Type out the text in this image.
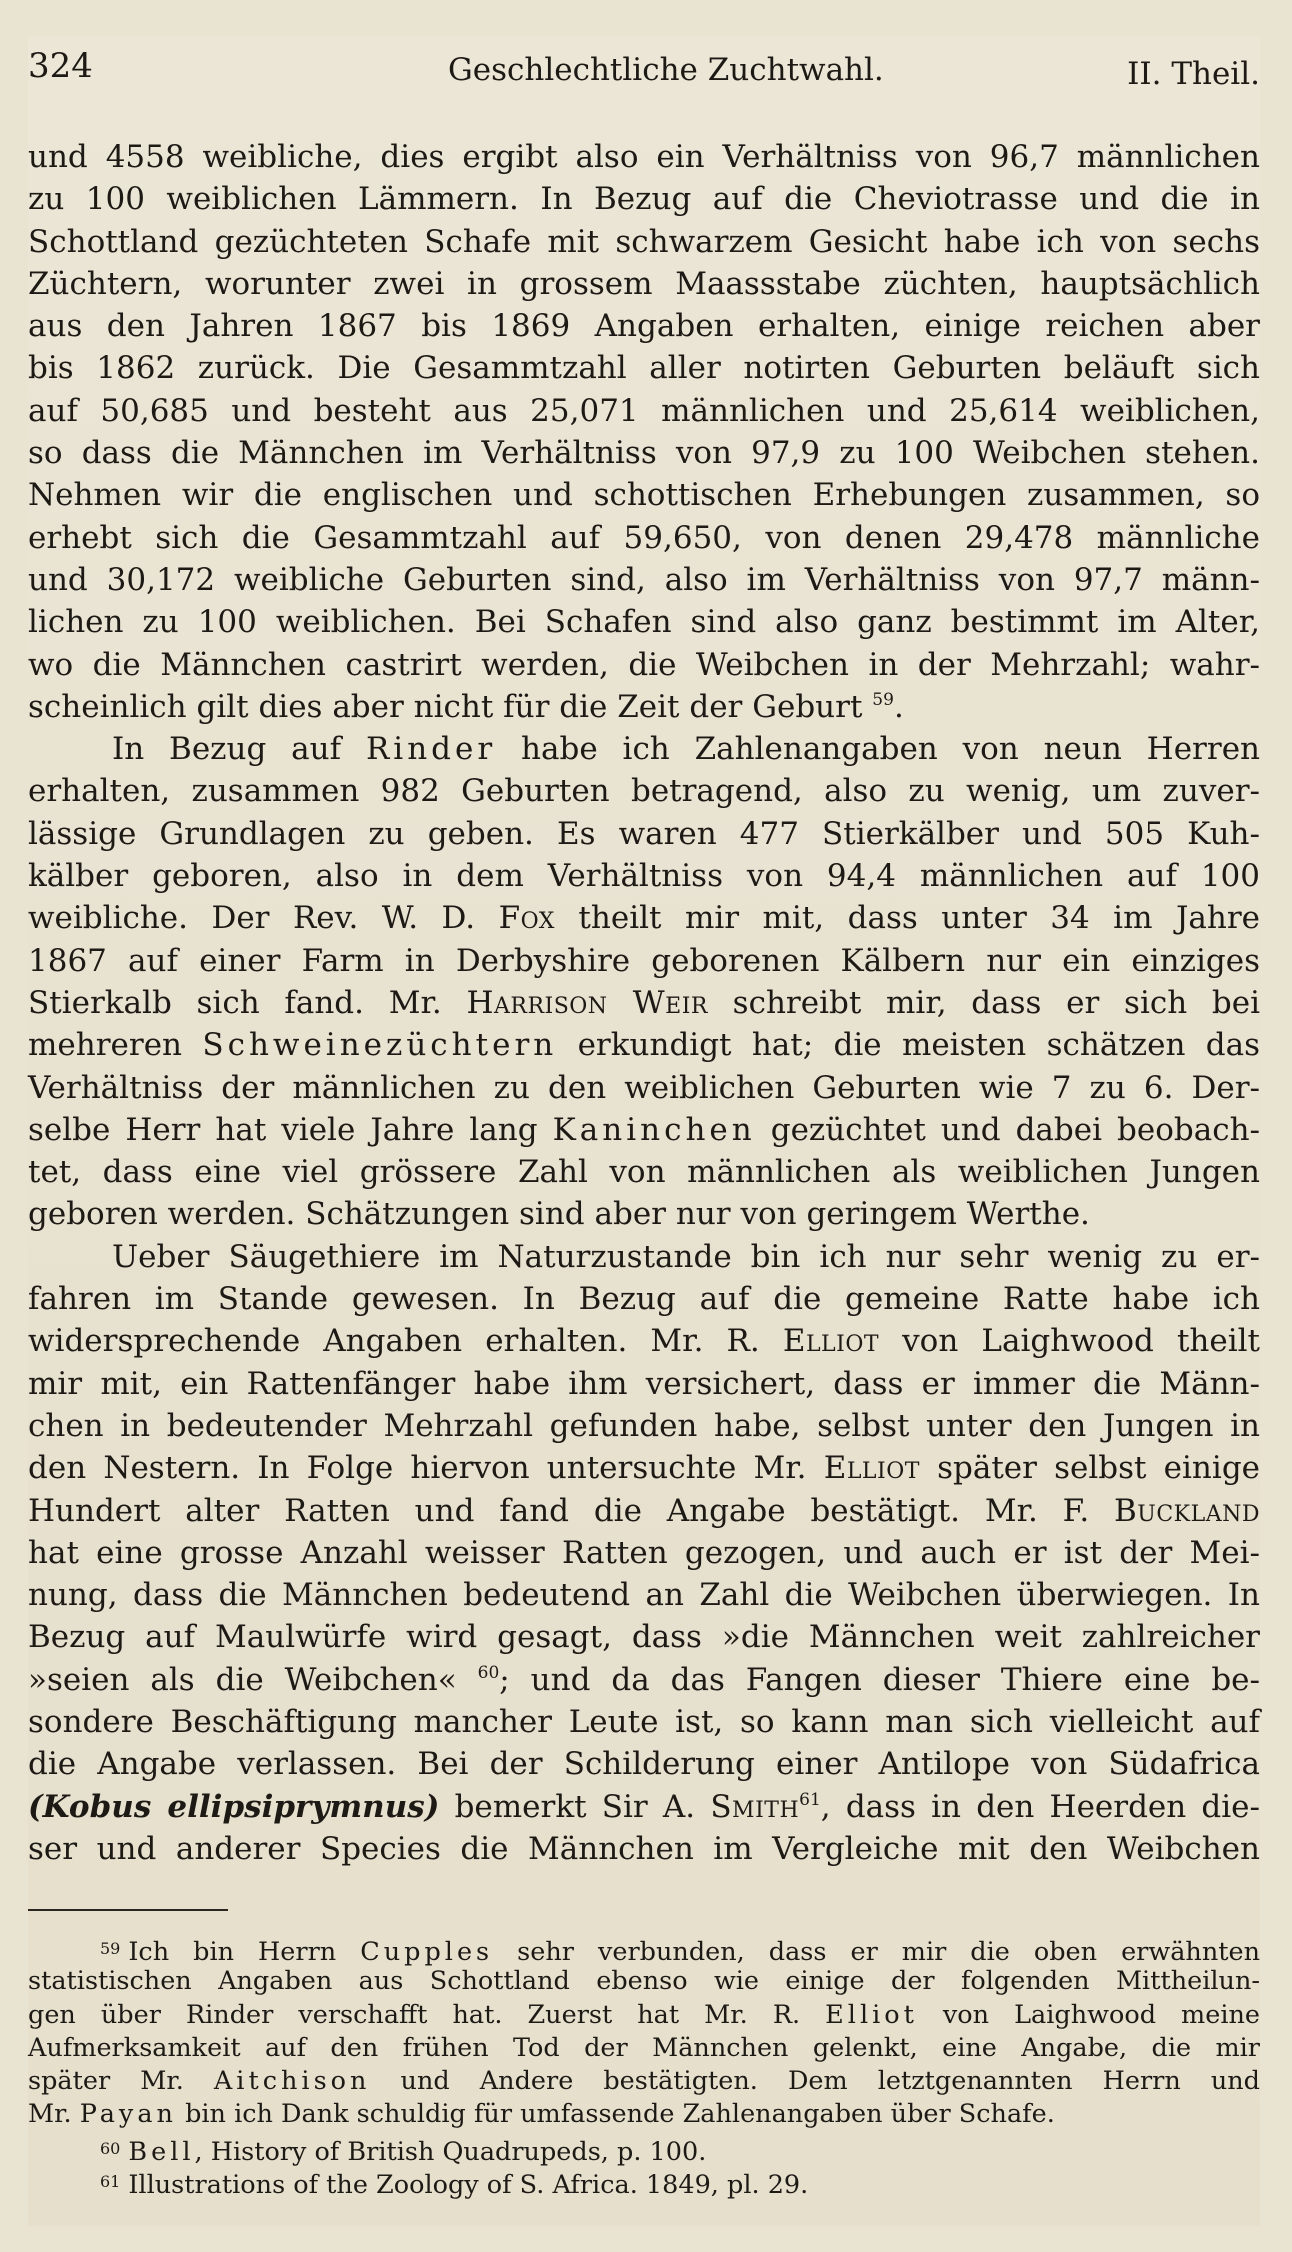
324	Geschlechtliche Zuchtwahl.	II. Theil.
und 4558 weibliche, dies ergibt also ein Verhältniss von 96,7 männlichen
zu 100 weiblichen Lämmern. In Bezug auf die Cheviotrasse und die in
Schottland gezüchteten Schafe mit schwarzem Gesicht habe ich von sechs
Züchtern, worunter zwei in grossem Maassstabe züchten, hauptsächlich
aus den Jahren 1867 bis 1869 Angaben erhalten, einige reichen aber
bis 1862 zurück. Die Gesammtzahl aller notirten Geburten beläuft sich
auf 50,685 und besteht aus 25,071 männlichen und 25,614 weiblichen,
so dass die Männchen im Verhältniss von 97,9 zu 100 Weibchen stehen.
Nehmen wir die englischen und schottischen Erhebungen zusammen, so
erhebt sich die Gesammtzahl auf 59,650, von denen 29,478 männliche
und 30,172 weibliche Geburten sind, also im Verhältniss von 97,7 männ-
lichen zu 100 weiblichen. Bei Schafen sind also ganz bestimmt im Alter,
wo die Männchen castrirt werden, die Weibchen in der Mehrzahl; wahr-
scheinlich gilt dies aber nicht für die Zeit der Geburt $^{59}$.
In Bezug auf Rinder habe ich Zahlenangaben von neun Herren
erhalten, zusammen 982 Geburten betragend, also zu wenig, um zuver-
lässige Grundlagen zu geben. Es waren 477 Stierkälber und 505 Kuh-
kälber geboren, also in dem Verhältniss von 94,4 männlichen auf 100
weibliche. Der Rev. W. D. Fox theilt mir mit, dass unter 34 im Jahre
1867 auf einer Farm in Derbyshire geborenen Kälbern nur ein einziges
Stierkalb sich fand. Mr. Harrison Weir schreibt mir, dass er sich bei
mehreren Schweinezüchtern erkundigt hat; die meisten schätzen das
Verhältniss der männlichen zu den weiblichen Geburten wie 7 zu 6. Der-
selbe Herr hat viele Jahre lang Kaninchen gezüchtet und dabei beobach-
tet, dass eine viel grössere Zahl von männlichen als weiblichen Jungen
geboren werden. Schätzungen sind aber nur von geringem Werthe.
Ueber Säugethiere im Naturzustande bin ich nur sehr wenig zu er-
fahren im Stande gewesen. In Bezug auf die gemeine Ratte habe ich
widersprechende Angaben erhalten. Mr. R. Elliot von Laighwood theilt
mir mit, ein Rattenfänger habe ihm versichert, dass er immer die Männ-
chen in bedeutender Mehrzahl gefunden habe, selbst unter den Jungen in
den Nestern. In Folge hiervon untersuchte Mr. Elliot später selbst einige
Hundert alter Ratten und fand die Angabe bestätigt. Mr. F. Buckland
hat eine grosse Anzahl weisser Ratten gezogen, und auch er ist der Mei-
nung, dass die Männchen bedeutend an Zahl die Weibchen überwiegen. In
Bezug auf Maulwürfe wird gesagt, dass »die Männchen weit zahlreicher
»seien als die Weibchen« $^{60}$; und da das Fangen dieser Thiere eine be-
sondere Beschäftigung mancher Leute ist, so kann man sich vielleicht auf
die Angabe verlassen. Bei der Schilderung einer Antilope von Südafrica
(Kobus ellipsiprymnus) bemerkt Sir A. Smith$^{61}$, dass in den Heerden die-
ser und anderer Species die Männchen im Vergleiche mit den Weibchen
$^{59}$ Ich bin Herrn Cupples sehr verbunden, dass er mir die oben erwähnten
statistischen Angaben aus Schottland ebenso wie einige der folgenden Mittheilun-
gen über Rinder verschafft hat. Zuerst hat Mr. R. Elliot von Laighwood meine
Aufmerksamkeit auf den frühen Tod der Männchen gelenkt, eine Angabe, die mir
später Mr. Aitchison und Andere bestätigten. Dem letztgenannten Herrn und
Mr. Payan bin ich Dank schuldig für umfassende Zahlenangaben über Schafe.
$^{60}$ Bell, History of British Quadrupeds, p. 100.
$^{61}$ Illustrations of the Zoology of S. Africa. 1849, pl. 29.
